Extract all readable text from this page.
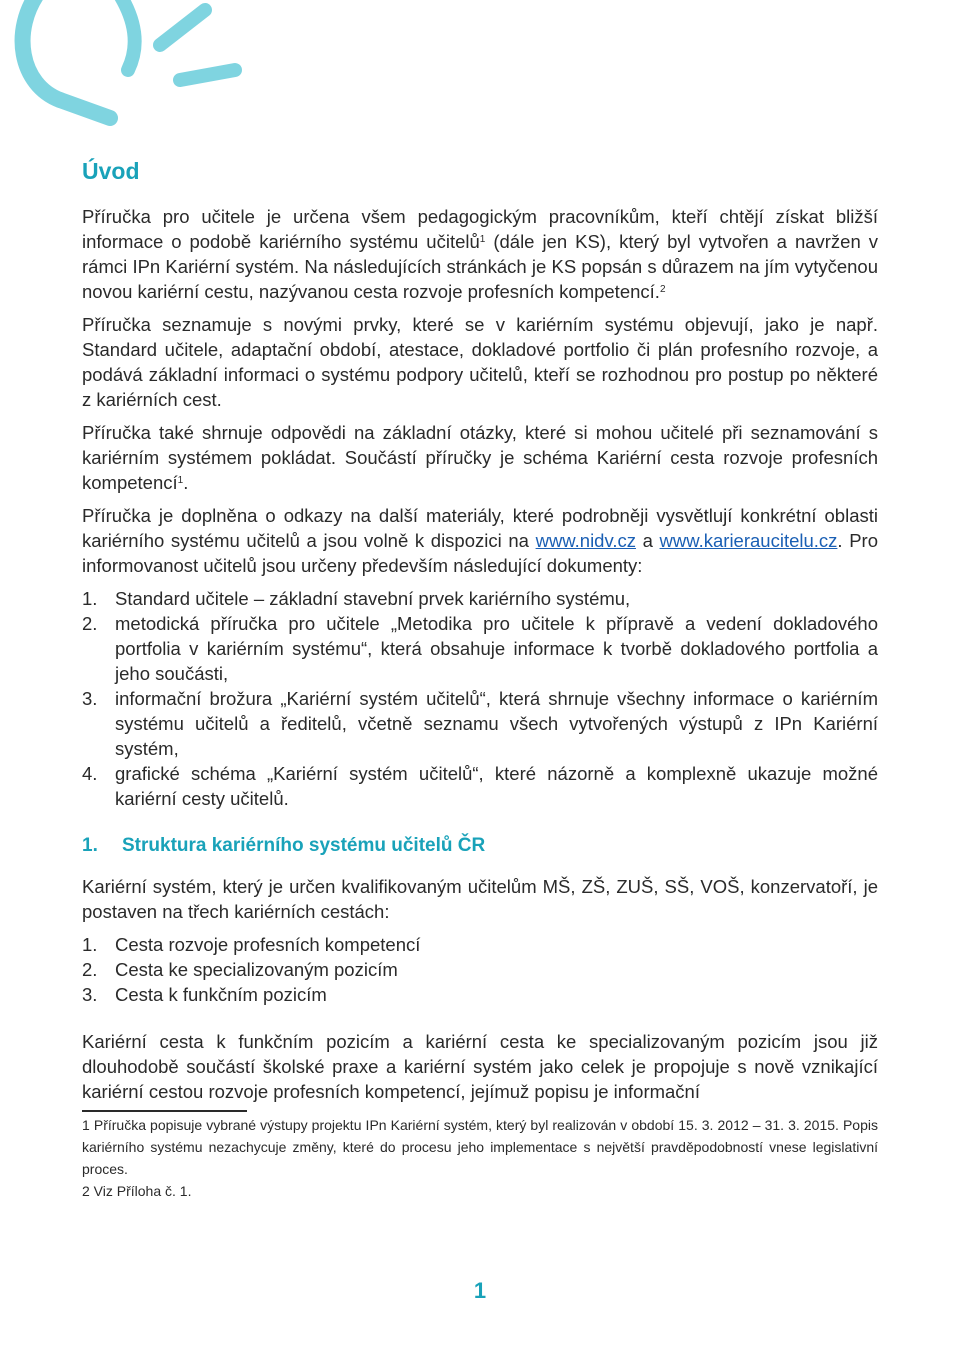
Úvod

Příručka pro učitele je určena všem pedagogickým pracovníkům, kteří chtějí získat bližší informace o podobě kariérního systému učitelů$^1$ (dále jen KS), který byl vytvořen a navržen v rámci IPn Kariérní systém. Na následujících stránkách je KS popsán s důrazem na jím vytyčenou novou kariérní cestu, nazývanou cesta rozvoje profesních kompetencí.$^2$

Příručka seznamuje s novými prvky, které se v kariérním systému objevují, jako je např. Standard učitele, adaptační období, atestace, dokladové portfolio či plán profesního rozvoje, a podává základní informaci o systému podpory učitelů, kteří se rozhodnou pro postup po některé z kariérních cest.

Příručka také shrnuje odpovědi na základní otázky, které si mohou učitelé při seznamování s kariérním systémem pokládat. Součástí příručky je schéma Kariérní cesta rozvoje profesních kompetencí$^1$.

Příručka je doplněna o odkazy na další materiály, které podrobněji vysvětlují konkrétní oblasti kariérního systému učitelů a jsou volně k dispozici na www.nidv.cz a www.karieraucitelu.cz. Pro informovanost učitelů jsou určeny především následující dokumenty:

1. Standard učitele – základní stavební prvek kariérního systému,
2. metodická příručka pro učitele „Metodika pro učitele k přípravě a vedení dokladového portfolia v kariérním systému“, která obsahuje informace k tvorbě dokladového portfolia a jeho součásti,
3. informační brožura „Kariérní systém učitelů“, která shrnuje všechny informace o kariérním systému učitelů a ředitelů, včetně seznamu všech vytvořených výstupů z IPn Kariérní systém,
4. grafické schéma „Kariérní systém učitelů“, které názorně a komplexně ukazuje možné kariérní cesty učitelů.
1. Struktura kariérního systému učitelů ČR

Kariérní systém, který je určen kvalifikovaným učitelům MŠ, ZŠ, ZUŠ, SŠ, VOŠ, konzervatoří, je postaven na třech kariérních cestách:

1. Cesta rozvoje profesních kompetencí
2. Cesta ke specializovaným pozicím
3. Cesta k funkčním pozicím

Kariérní cesta k funkčním pozicím a kariérní cesta ke specializovaným pozicím jsou již dlouhodobě součástí školské praxe a kariérní systém jako celek je propojuje s nově vznikající kariérní cestou rozvoje profesních kompetencí, jejímuž popisu je informační

1 Příručka popisuje vybrané výstupy projektu IPn Kariérní systém, který byl realizován v období 15. 3. 2012 – 31. 3. 2015. Popis kariérního systému nezachycuje změny, které do procesu jeho implementace s největší pravděpodobností vnese legislativní proces.

2 Viz Příloha č. 1.

1
